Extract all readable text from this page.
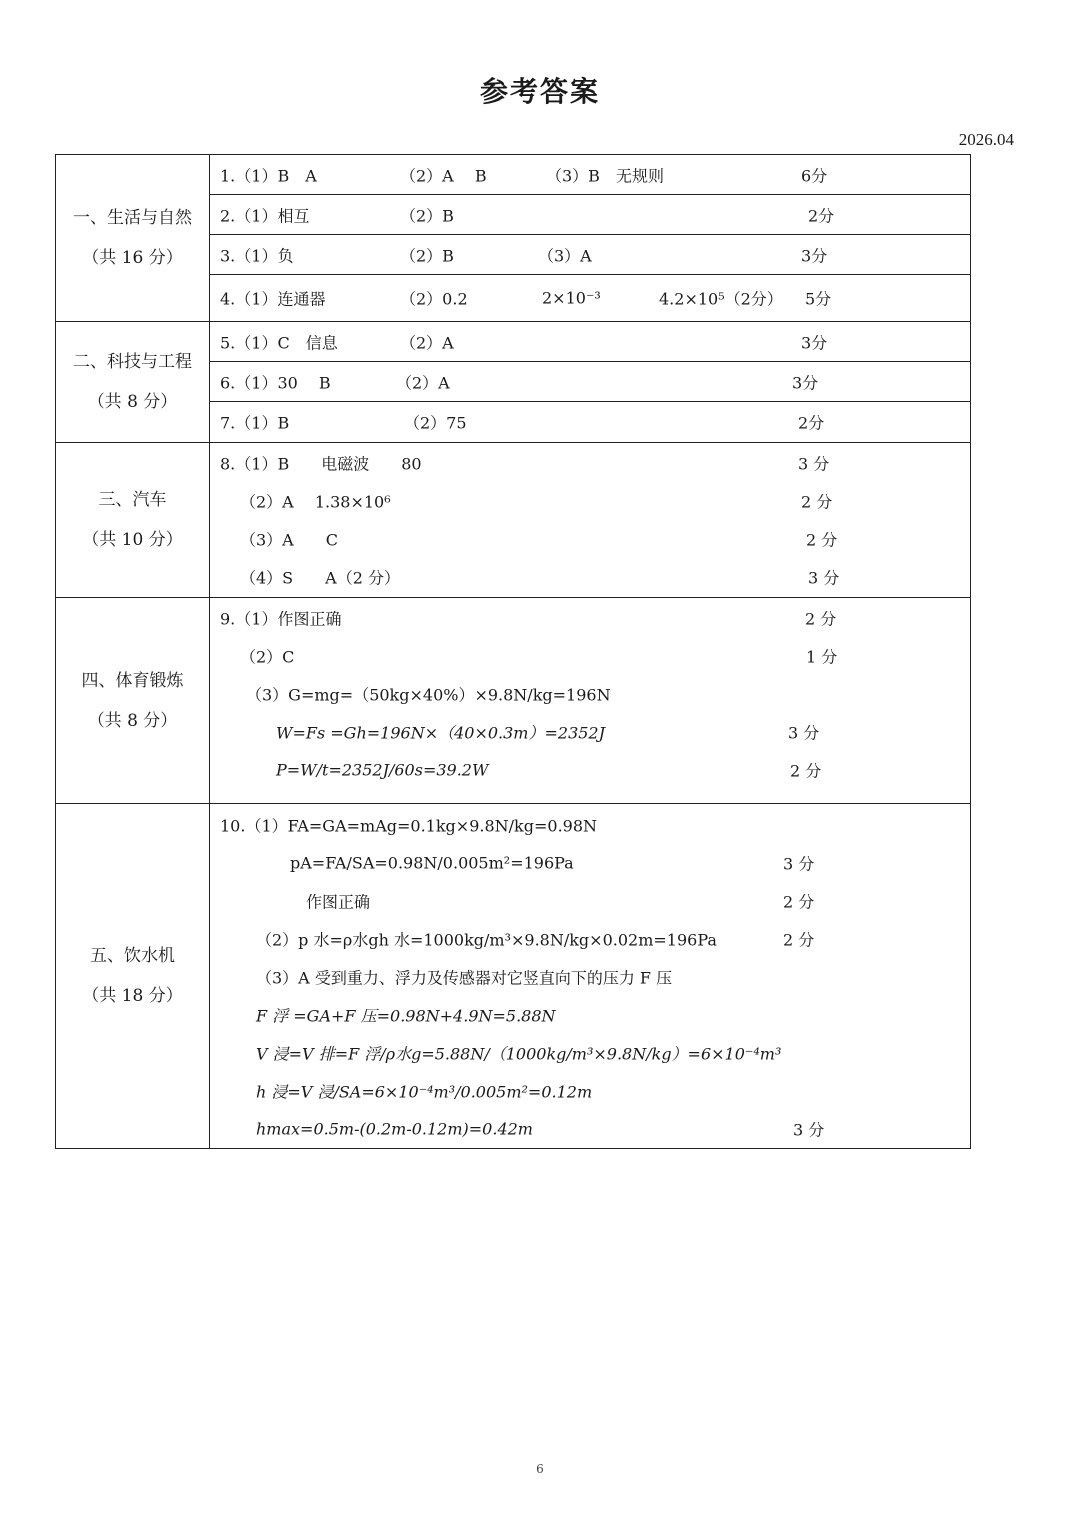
参考答案
2026.04
一、生活与自然
（共 16 分）
1.（1）B　A	（2）A　 B	（3）B　无规则	6分
2.（1）相互	（2）B	2分
3.（1）负	（2）B	（3）A	3分
4.（1）连通器	（2）0.2	2×10⁻³	4.2×10⁵（2分） 5分
二、科技与工程
（共 8 分）
5.（1）C　信息	（2）A	3分
6.（1）30　 B	（2）A	3分
7.（1）B	（2）75	2分
三、汽车
（共 10 分）
8.（1）B　　电磁波　　80	3 分
（2）A　 1.38×10⁶	2 分
（3）A　　C	2 分
（4）S　　A（2 分）	3 分
四、体育锻炼
（共 8 分）
9.（1）作图正确	2 分
（2）C	1 分
（3）G=mg=（50kg×40%）×9.8N/kg=196N
W=Fs =Gh=196N×（40×0.3m）=2352J	3 分
P=W/t=2352J/60s=39.2W	2 分
五、饮水机
（共 18 分）
10.（1）FA=GA=mAg=0.1kg×9.8N/kg=0.98N
pA=FA/SA=0.98N/0.005m²=196Pa	3 分
作图正确	2 分
（2）p 水=ρ水gh 水=1000kg/m³×9.8N/kg×0.02m=196Pa	2 分
（3）A 受到重力、浮力及传感器对它竖直向下的压力 F 压
F 浮 =GA+F 压=0.98N+4.9N=5.88N
V 浸=V 排=F 浮/ρ水g=5.88N/（1000kg/m³×9.8N/kg）=6×10⁻⁴m³
h 浸=V 浸/SA=6×10⁻⁴m³/0.005m²=0.12m
hmax=0.5m-(0.2m-0.12m)=0.42m	3 分
6
